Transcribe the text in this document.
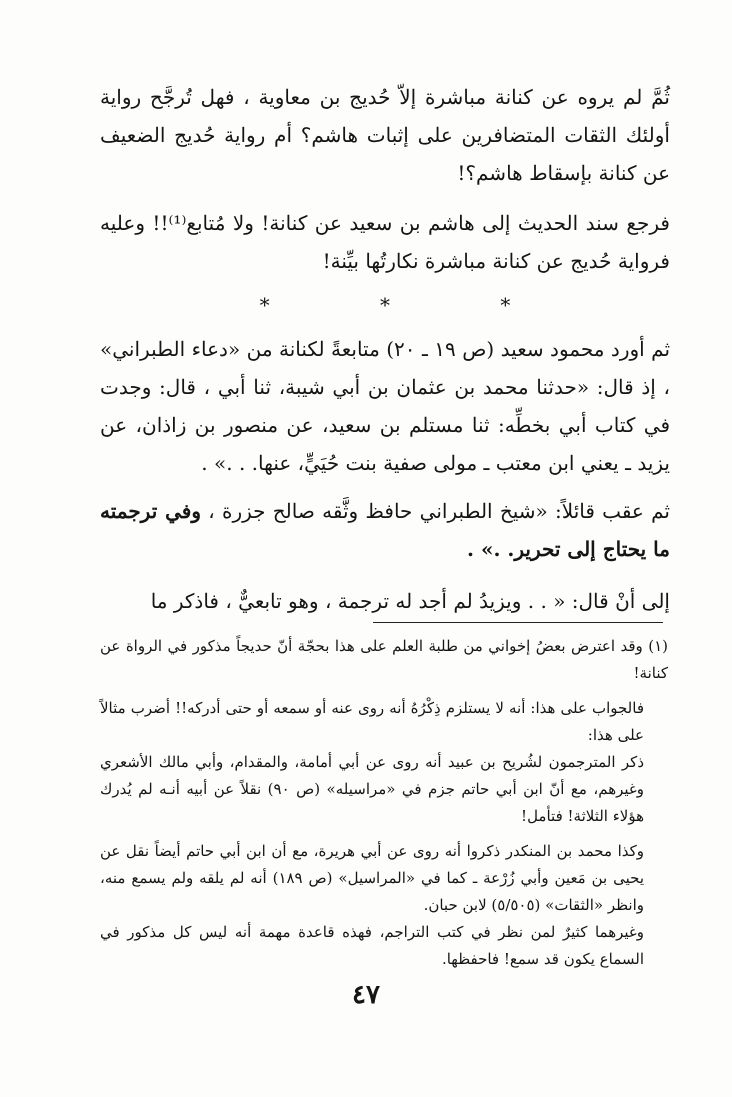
ثُمَّ لم يروه عن كنانة مباشرة إلاّ حُديج بن معاوية ، فهل تُرجَّح رواية أولئك الثقات المتضافرين على إثبات هاشم؟ أم رواية حُديج الضعيف عن كنانة بإسقاط هاشم؟!

فرجع سند الحديث إلى هاشم بن سعيد عن كنانة! ولا مُتابع⁽¹⁾!! وعليه فرواية حُديج عن كنانة مباشرة نكارتُها بيِّنة!

* * *

ثم أورد محمود سعيد (ص ١٩ ـ ٢٠) متابعةً لكنانة من «دعاء الطبراني» ، إذ قال: «حدثنا محمد بن عثمان بن أبي شيبة، ثنا أبي ، قال: وجدت في كتاب أبي بخطِّه: ثنا مستلم بن سعيد، عن منصور بن زاذان، عن يزيد ـ يعني ابن معتب ـ مولى صفية بنت حُيَيٍّ، عنها. . .» .

ثم عقب قائلاً: «شيخ الطبراني حافظ وثَّقه صالح جزرة ، وفي ترجمته ما يحتاج إلى تحرير. .» .

إلى أنْ قال: « . . ويزيدُ لم أجد له ترجمة ، وهو تابعيٌّ ، فاذكر ما

(١) وقد اعترض بعضُ إخواني من طلبة العلم على هذا بحجّة أنّ حديجاً مذكور في الرواة عن كنانة!

فالجواب على هذا: أنه لا يستلزم ذِكْرُهُ أنه روى عنه أو سمعه أو حتى أدركه!! أضرب مثالاً على هذا:

ذكر المترجمون لشُريح بن عبيد أنه روى عن أبي أمامة، والمقدام، وأبي مالك الأشعري وغيرهم، مع أنّ ابن أبي حاتم جزم في «مراسيله» (ص ٩٠) نقلاً عن أبيه أنـه لم يُدرك هؤلاء الثلاثة! فتأمل!

وكذا محمد بن المنكدر ذكروا أنه روى عن أبي هريرة، مع أن ابن أبي حاتم أيضاً نقل عن يحيى بن مَعين وأبي زُرْعة ـ كما في «المراسيل» (ص ١٨٩) أنه لم يلقه ولم يسمع منه، وانظر «الثقات» (٥/٥٠٥) لابن حبان.

وغيرهما كثيرٌ لمن نظر في كتب التراجم، فهذه قاعدة مهمة أنه ليس كل مذكور في السماع يكون قد سمع! فاحفظها.

٤٧
